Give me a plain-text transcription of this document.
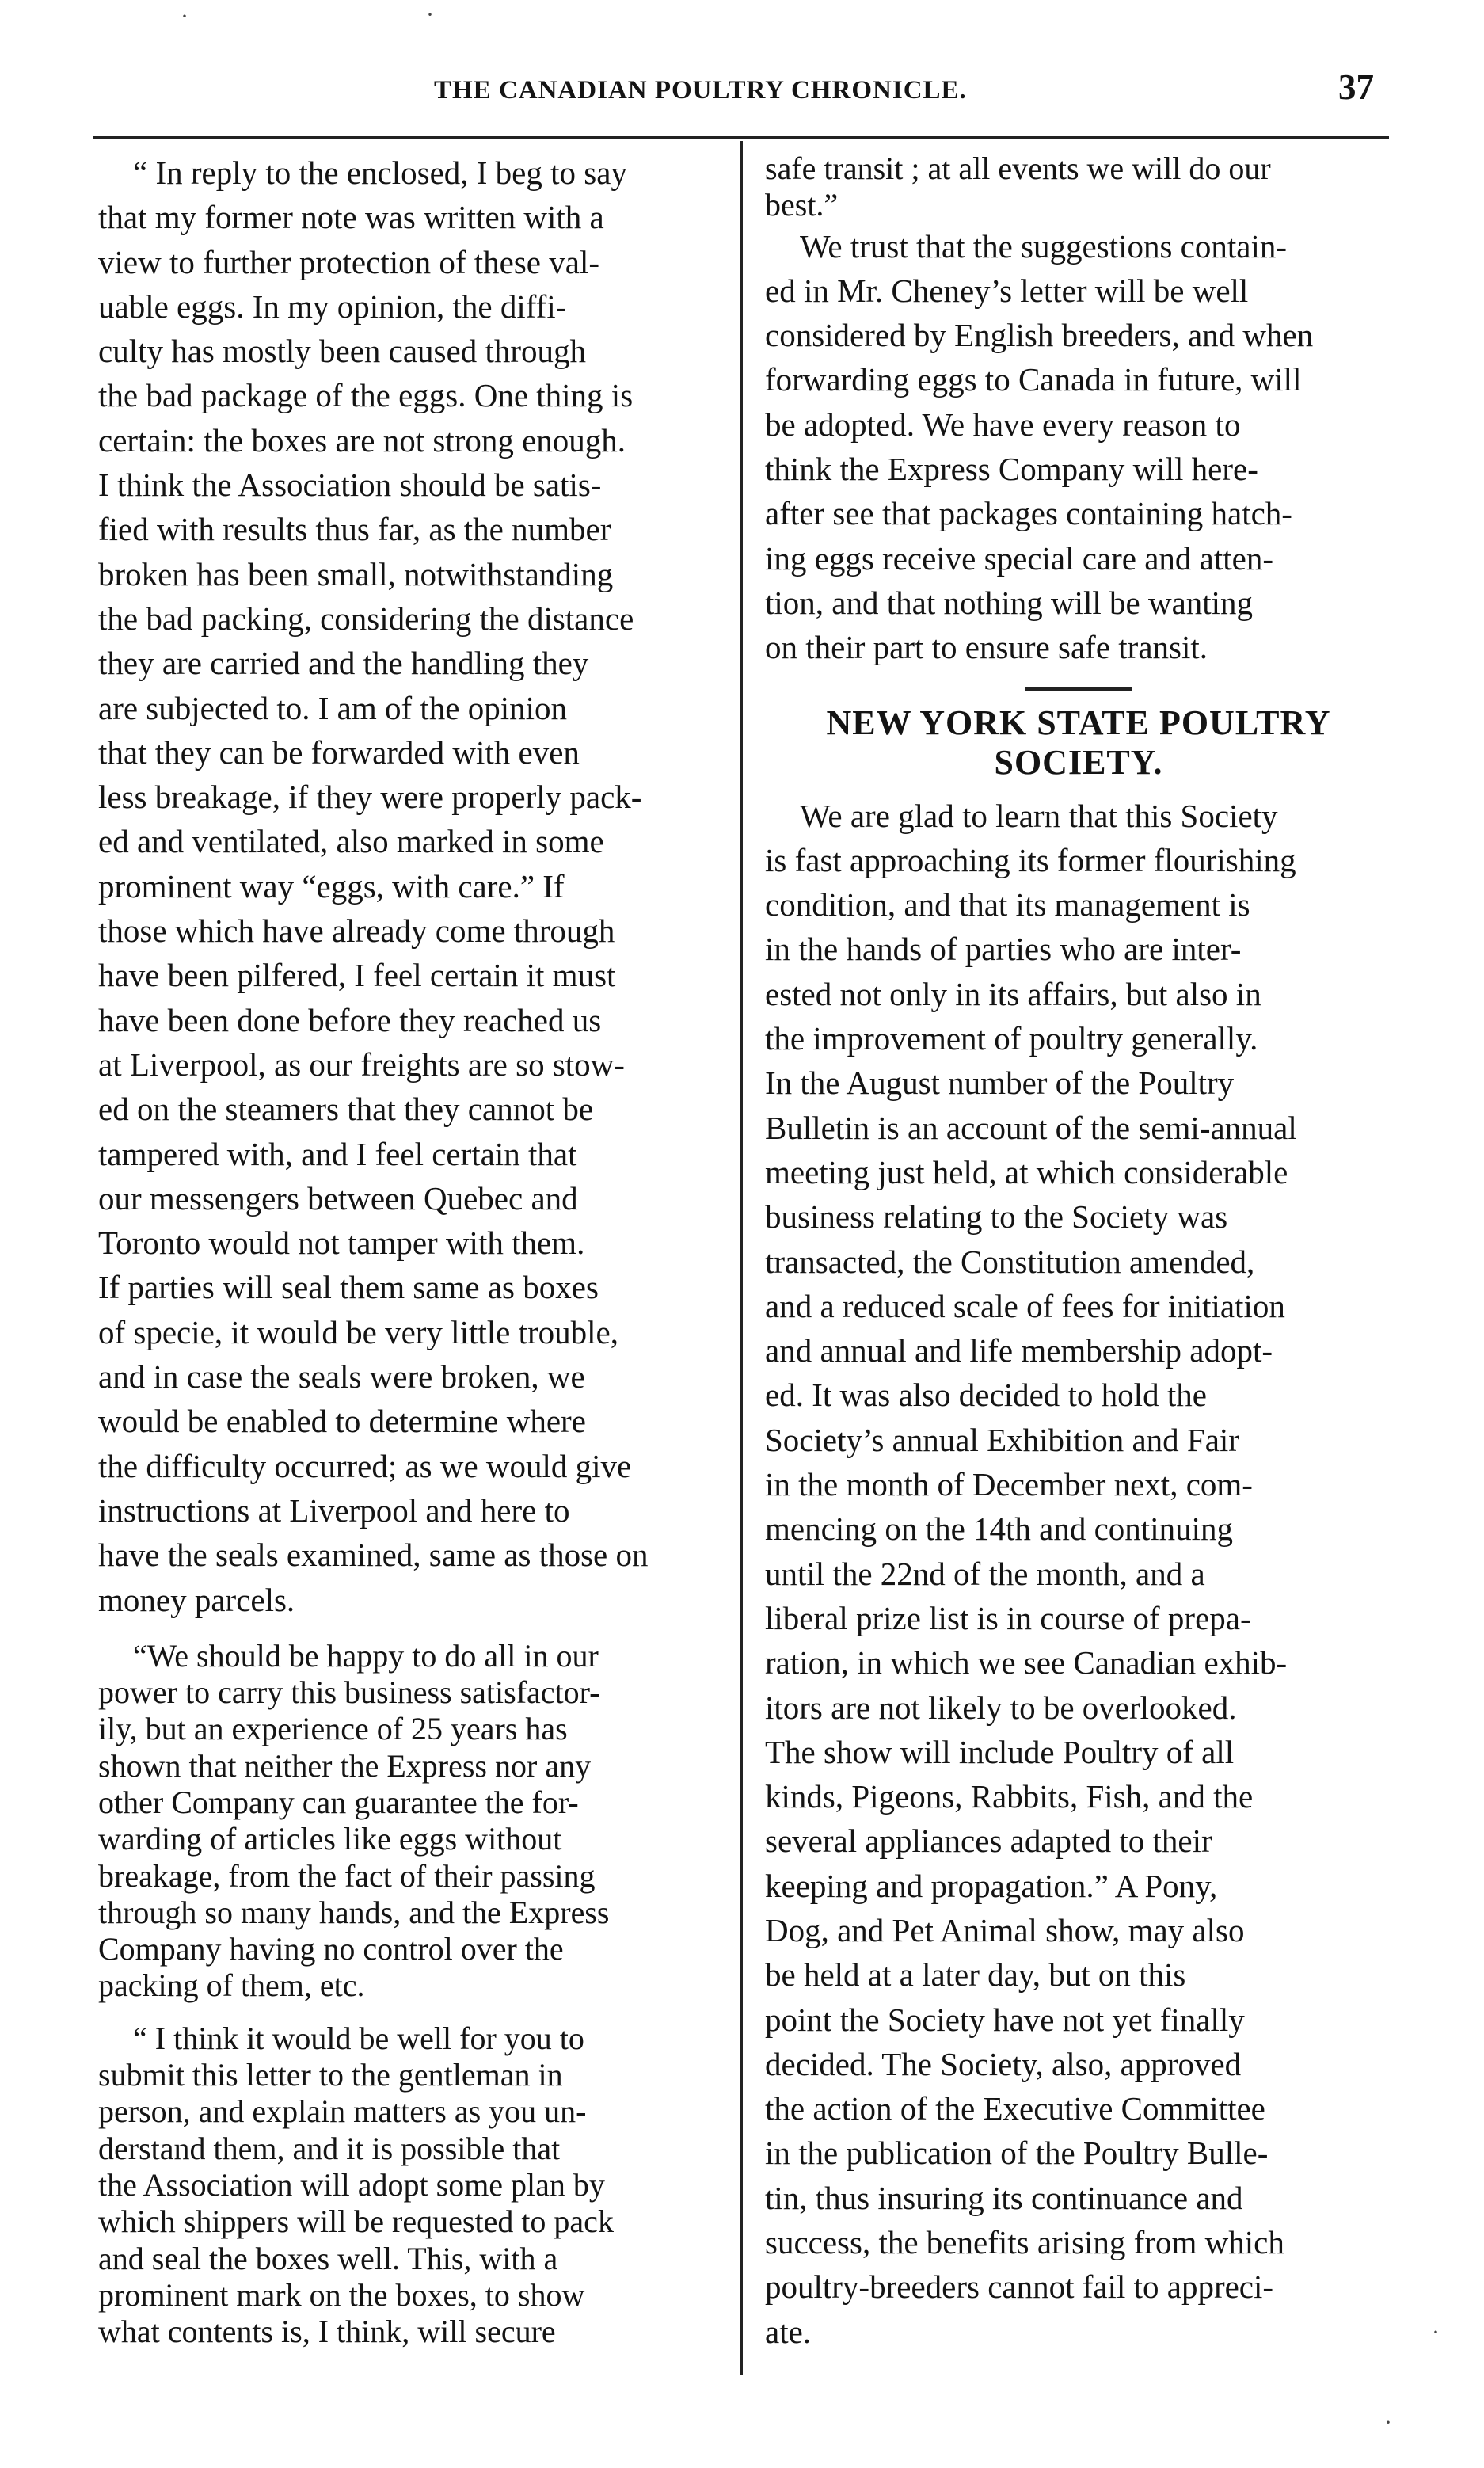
THE CANADIAN POULTRY CHRONICLE.	37

“ In reply to the enclosed, I beg to say
that my former note was written with a
view to further protection of these val-
uable eggs. In my opinion, the diffi-
culty has mostly been caused through
the bad package of the eggs. One thing is
certain: the boxes are not strong enough.
I think the Association should be satis-
fied with results thus far, as the number
broken has been small, notwithstanding
the bad packing, considering the distance
they are carried and the handling they
are subjected to. I am of the opinion
that they can be forwarded with even
less breakage, if they were properly pack-
ed and ventilated, also marked in some
prominent way “eggs, with care.” If
those which have already come through
have been pilfered, I feel certain it must
have been done before they reached us
at Liverpool, as our freights are so stow-
ed on the steamers that they cannot be
tampered with, and I feel certain that
our messengers between Quebec and
Toronto would not tamper with them.
If parties will seal them same as boxes
of specie, it would be very little trouble,
and in case the seals were broken, we
would be enabled to determine where
the difficulty occurred; as we would give
instructions at Liverpool and here to
have the seals examined, same as those on
money parcels.

“We should be happy to do all in our
power to carry this business satisfactor-
ily, but an experience of 25 years has
shown that neither the Express nor any
other Company can guarantee the for-
warding of articles like eggs without
breakage, from the fact of their passing
through so many hands, and the Express
Company having no control over the
packing of them, etc.

“ I think it would be well for you to
submit this letter to the gentleman in
person, and explain matters as you un-
derstand them, and it is possible that
the Association will adopt some plan by
which shippers will be requested to pack
and seal the boxes well. This, with a
prominent mark on the boxes, to show
what contents is, I think, will secure

safe transit ; at all events we will do our
best.”

We trust that the suggestions contain-
ed in Mr. Cheney’s letter will be well
considered by English breeders, and when
forwarding eggs to Canada in future, will
be adopted. We have every reason to
think the Express Company will here-
after see that packages containing hatch-
ing eggs receive special care and atten-
tion, and that nothing will be wanting
on their part to ensure safe transit.

NEW YORK STATE POULTRY
SOCIETY.

We are glad to learn that this Society
is fast approaching its former flourishing
condition, and that its management is
in the hands of parties who are inter-
ested not only in its affairs, but also in
the improvement of poultry generally.
In the August number of the Poultry
Bulletin is an account of the semi-annual
meeting just held, at which considerable
business relating to the Society was
transacted, the Constitution amended,
and a reduced scale of fees for initiation
and annual and life membership adopt-
ed. It was also decided to hold the
Society’s annual Exhibition and Fair
in the month of December next, com-
mencing on the 14th and continuing
until the 22nd of the month, and a
liberal prize list is in course of prepa-
ration, in which we see Canadian exhib-
itors are not likely to be overlooked.
The show will include Poultry of all
kinds, Pigeons, Rabbits, Fish, and the
several appliances adapted to their
keeping and propagation.” A Pony,
Dog, and Pet Animal show, may also
be held at a later day, but on this
point the Society have not yet finally
decided. The Society, also, approved
the action of the Executive Committee
in the publication of the Poultry Bulle-
tin, thus insuring its continuance and
success, the benefits arising from which
poultry-breeders cannot fail to appreci-
ate.

·	·
·
·
